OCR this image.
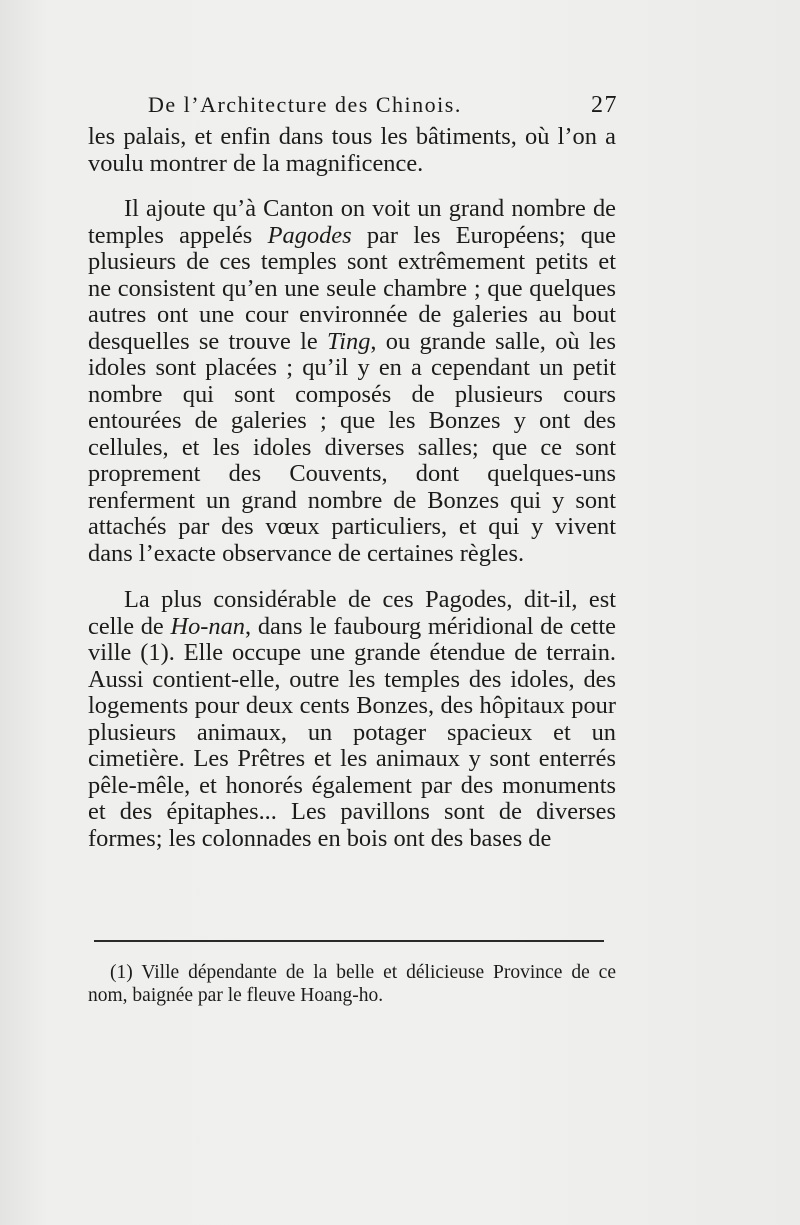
De l’Architecture des Chinois.	27

les palais, et enfin dans tous les bâtiments, où l’on a voulu montrer de la magnificence.

Il ajoute qu’à Canton on voit un grand nombre de temples appelés Pagodes par les Européens; que plusieurs de ces temples sont extrêmement petits et ne consistent qu’en une seule chambre ; que quelques autres ont une cour environnée de galeries au bout desquelles se trouve le Ting, ou grande salle, où les idoles sont placées ; qu’il y en a cependant un petit nombre qui sont composés de plusieurs cours entourées de galeries ; que les Bonzes y ont des cellules, et les idoles diverses salles; que ce sont proprement des Couvents, dont quelques-uns renferment un grand nombre de Bonzes qui y sont attachés par des vœux particuliers, et qui y vivent dans l’exacte observance de certaines règles.

La plus considérable de ces Pagodes, dit-il, est celle de Ho-nan, dans le faubourg méridional de cette ville (1). Elle occupe une grande étendue de terrain. Aussi contient-elle, outre les temples des idoles, des logements pour deux cents Bonzes, des hôpitaux pour plusieurs animaux, un potager spacieux et un cimetière. Les Prêtres et les animaux y sont enterrés pêle-mêle, et honorés également par des monuments et des épitaphes... Les pavillons sont de diverses formes; les colonnades en bois ont des bases de

(1) Ville dépendante de la belle et délicieuse Province de ce nom, baignée par le fleuve Hoang-ho.
